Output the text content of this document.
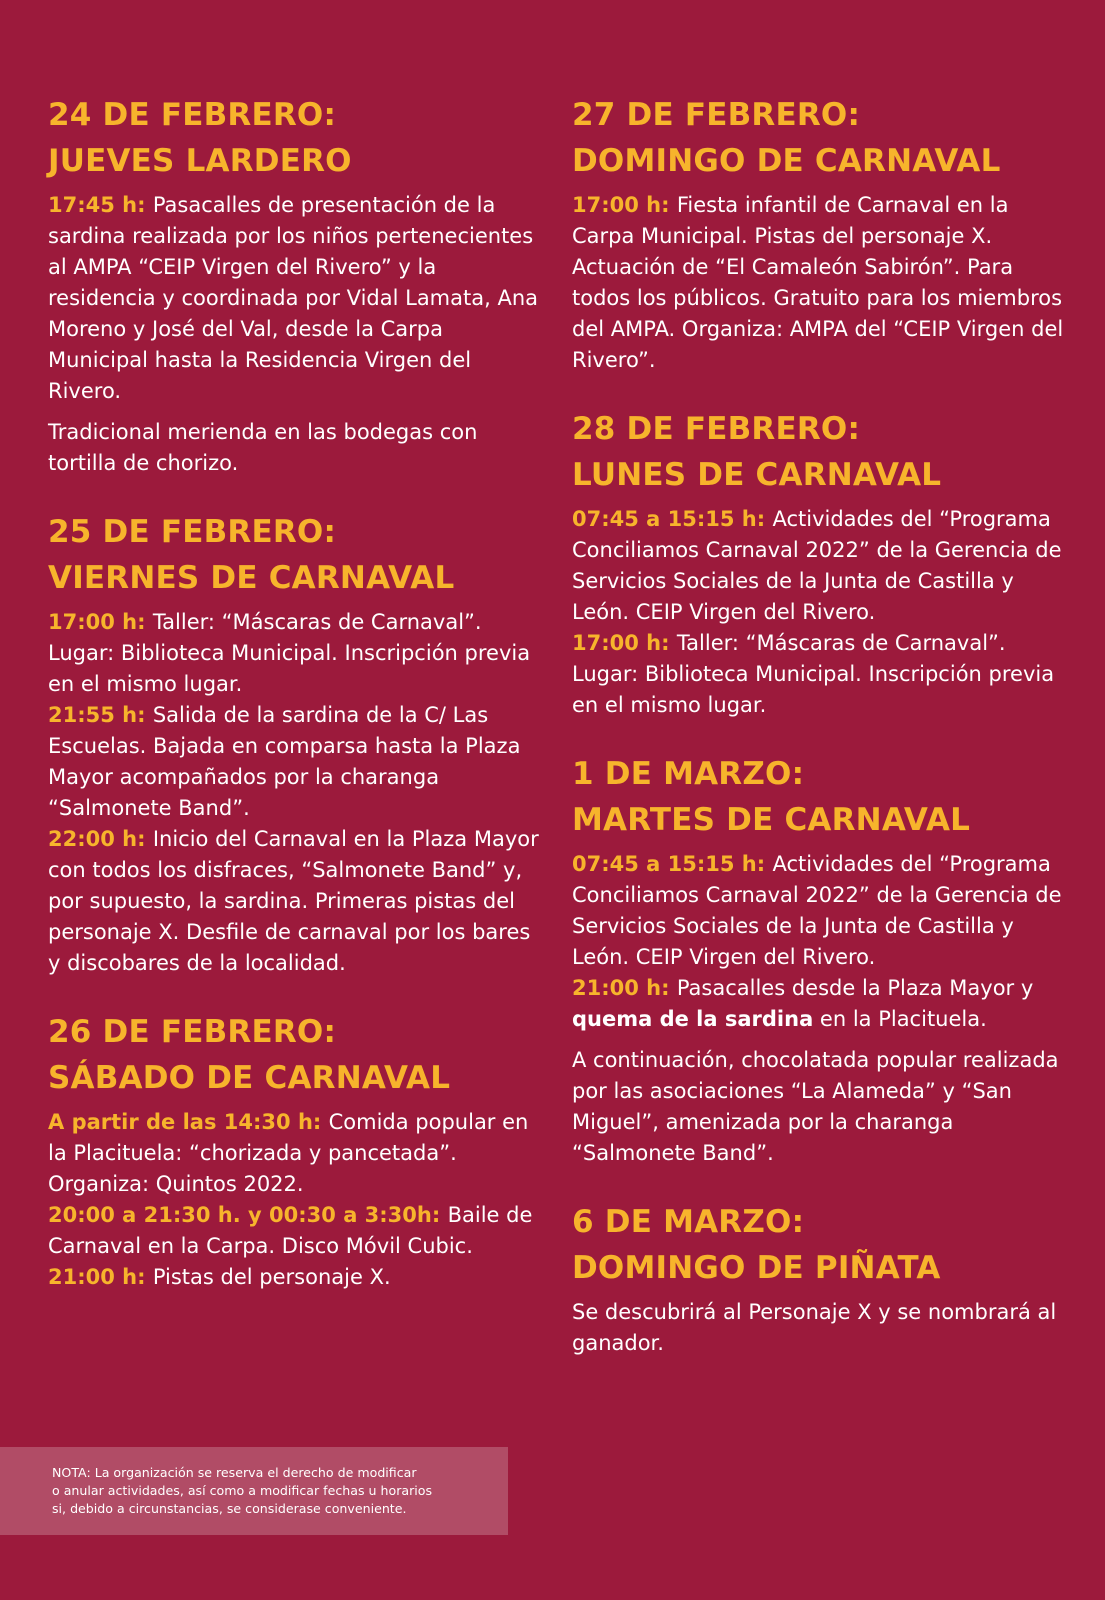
24 DE FEBRERO:
JUEVES LARDERO

17:45 h: Pasacalles de presentación de la sardina realizada por los niños pertenecientes al AMPA “CEIP Virgen del Rivero” y la residencia y coordinada por Vidal Lamata, Ana Moreno y José del Val, desde la Carpa Municipal hasta la Residencia Virgen del Rivero.

Tradicional merienda en las bodegas con tortilla de chorizo.

25 DE FEBRERO:
VIERNES DE CARNAVAL

17:00 h: Taller: “Máscaras de Carnaval”. Lugar: Biblioteca Municipal. Inscripción previa en el mismo lugar.

21:55 h: Salida de la sardina de la C/ Las Escuelas. Bajada en comparsa hasta la Plaza Mayor acompañados por la charanga “Salmonete Band”.

22:00 h: Inicio del Carnaval en la Plaza Mayor con todos los disfraces, “Salmonete Band” y, por supuesto, la sardina. Primeras pistas del personaje X. Desfile de carnaval por los bares y discobares de la localidad.

26 DE FEBRERO:
SÁBADO DE CARNAVAL

A partir de las 14:30 h: Comida popular en la Placituela: “chorizada y pancetada”. Organiza: Quintos 2022.

20:00 a 21:30 h. y 00:30 a 3:30h: Baile de Carnaval en la Carpa. Disco Móvil Cubic.

21:00 h: Pistas del personaje X.

27 DE FEBRERO:
DOMINGO DE CARNAVAL

17:00 h: Fiesta infantil de Carnaval en la Carpa Municipal. Pistas del personaje X. Actuación de “El Camaleón Sabirón”. Para todos los públicos. Gratuito para los miembros del AMPA. Organiza: AMPA del “CEIP Virgen del Rivero”.

28 DE FEBRERO:
LUNES DE CARNAVAL

07:45 a 15:15 h: Actividades del “Programa Conciliamos Carnaval 2022” de la Gerencia de Servicios Sociales de la Junta de Castilla y León. CEIP Virgen del Rivero.

17:00 h: Taller: “Máscaras de Carnaval”. Lugar: Biblioteca Municipal. Inscripción previa en el mismo lugar.

1 DE MARZO:
MARTES DE CARNAVAL

07:45 a 15:15 h: Actividades del “Programa Conciliamos Carnaval 2022” de la Gerencia de Servicios Sociales de la Junta de Castilla y León. CEIP Virgen del Rivero.

21:00 h: Pasacalles desde la Plaza Mayor y quema de la sardina en la Placituela.

A continuación, chocolatada popular realizada por las asociaciones “La Alameda” y “San Miguel”, amenizada por la charanga “Salmonete Band”.

6 DE MARZO:
DOMINGO DE PIÑATA

Se descubrirá al Personaje X y se nombrará al ganador.

NOTA: La organización se reserva el derecho de modificar
o anular actividades, así como a modificar fechas u horarios
si, debido a circunstancias, se considerase conveniente.
